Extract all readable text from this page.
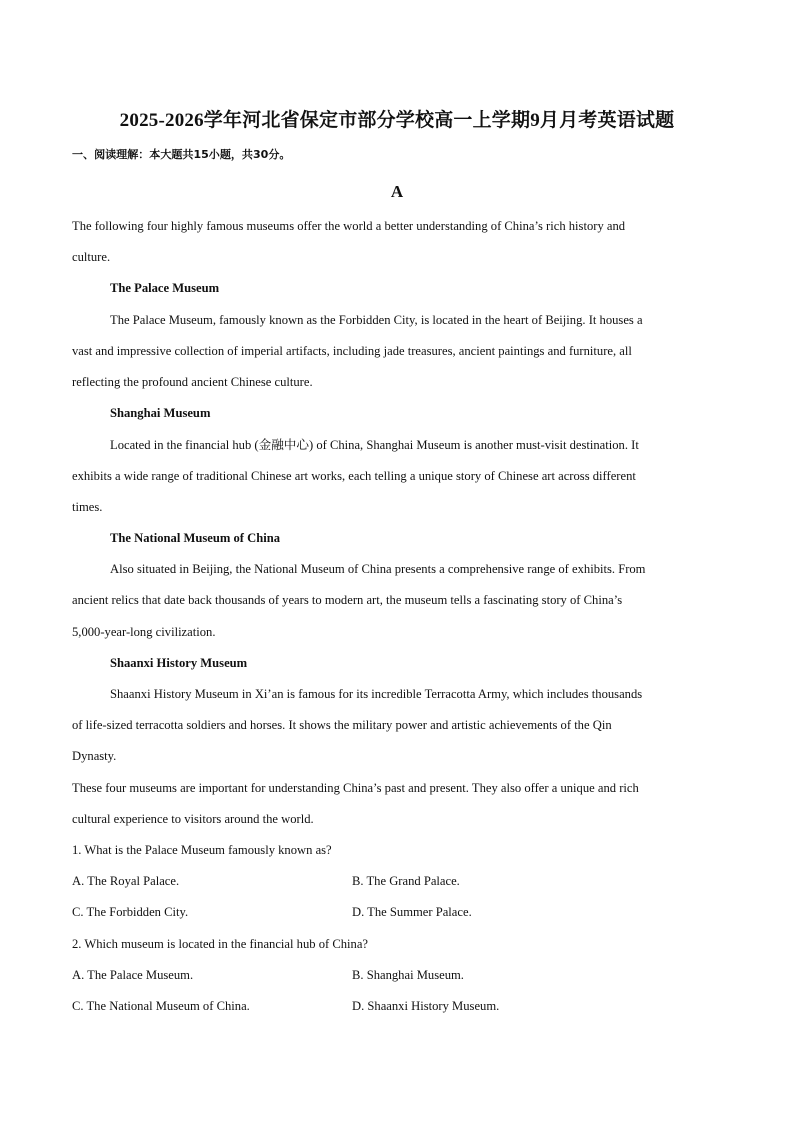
2025-2026学年河北省保定市部分学校高一上学期9月月考英语试题
一、阅读理解：本大题共15小题，共30分。
A
The following four highly famous museums offer the world a better understanding of China’s rich history and
culture.
The Palace Museum
The Palace Museum, famously known as the Forbidden City, is located in the heart of Beijing. It houses a
vast and impressive collection of imperial artifacts, including jade treasures, ancient paintings and furniture, all
reflecting the profound ancient Chinese culture.
Shanghai Museum
Located in the financial hub (金融中心) of China, Shanghai Museum is another must-visit destination. It
exhibits a wide range of traditional Chinese art works, each telling a unique story of Chinese art across different
times.
The National Museum of China
Also situated in Beijing, the National Museum of China presents a comprehensive range of exhibits. From
ancient relics that date back thousands of years to modern art, the museum tells a fascinating story of China’s
5,000-year-long civilization.
Shaanxi History Museum
Shaanxi History Museum in Xi’an is famous for its incredible Terracotta Army, which includes thousands
of life-sized terracotta soldiers and horses. It shows the military power and artistic achievements of the Qin
Dynasty.
These four museums are important for understanding China’s past and present. They also offer a unique and rich
cultural experience to visitors around the world.
1. What is the Palace Museum famously known as?
A. The Royal Palace.	B. The Grand Palace.
C. The Forbidden City.	D. The Summer Palace.
2. Which museum is located in the financial hub of China?
A. The Palace Museum.	B. Shanghai Museum.
C. The National Museum of China.	D. Shaanxi History Museum.
